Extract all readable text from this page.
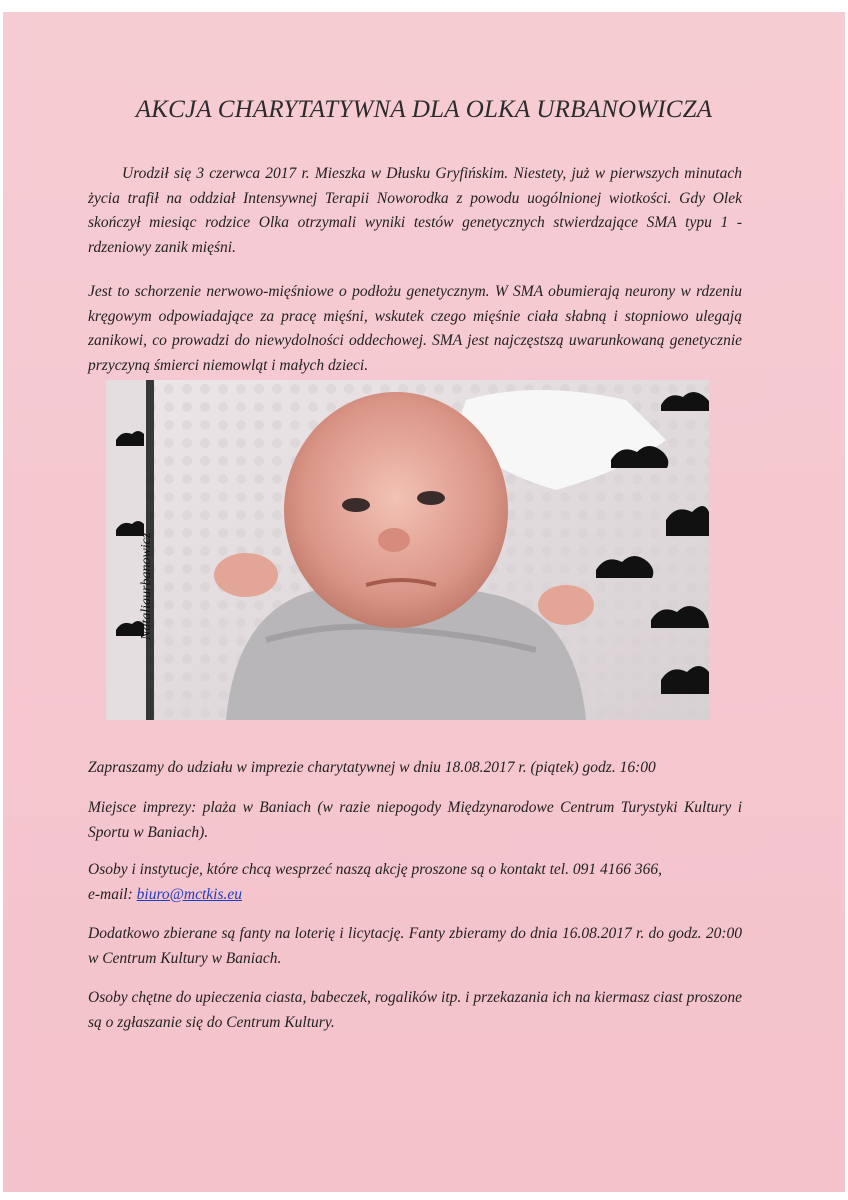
AKCJA CHARYTATYWNA DLA OLKA URBANOWICZA
Urodził się 3 czerwca 2017 r. Mieszka w Dłusku Gryfińskim. Niestety, już w pierwszych minutach życia trafił na oddział Intensywnej Terapii Noworodka z powodu uogólnionej wiotkości. Gdy Olek skończył miesiąc rodzice Olka otrzymali wyniki testów genetycznych stwierdzające SMA typu 1 - rdzeniowy zanik mięśni.
Jest to schorzenie nerwowo-mięśniowe o podłożu genetycznym. W SMA obumierają neurony w rdzeniu kręgowym odpowiadające za pracę mięśni, wskutek czego mięśnie ciała słabną i stopniowo ulegają zanikowi, co prowadzi do niewydolności oddechowej. SMA jest najczęstszą uwarunkowaną genetycznie przyczyną śmierci niemowląt i małych dzieci.
Nataliaurbanowicz
Zapraszamy do udziału w imprezie charytatywnej w dniu 18.08.2017 r. (piątek) godz. 16:00
Miejsce imprezy: plaża w Baniach (w razie niepogody Międzynarodowe Centrum Turystyki Kultury i Sportu w Baniach).
Osoby i instytucje, które chcą wesprzeć naszą akcję proszone są o kontakt tel. 091 4166 366,
e-mail: biuro@mctkis.eu
Dodatkowo zbierane są fanty na loterię i licytację. Fanty zbieramy do dnia 16.08.2017 r. do godz. 20:00 w Centrum Kultury w Baniach.
Osoby chętne do upieczenia ciasta, babeczek, rogalików itp. i przekazania ich na kiermasz ciast proszone są o zgłaszanie się do Centrum Kultury.
